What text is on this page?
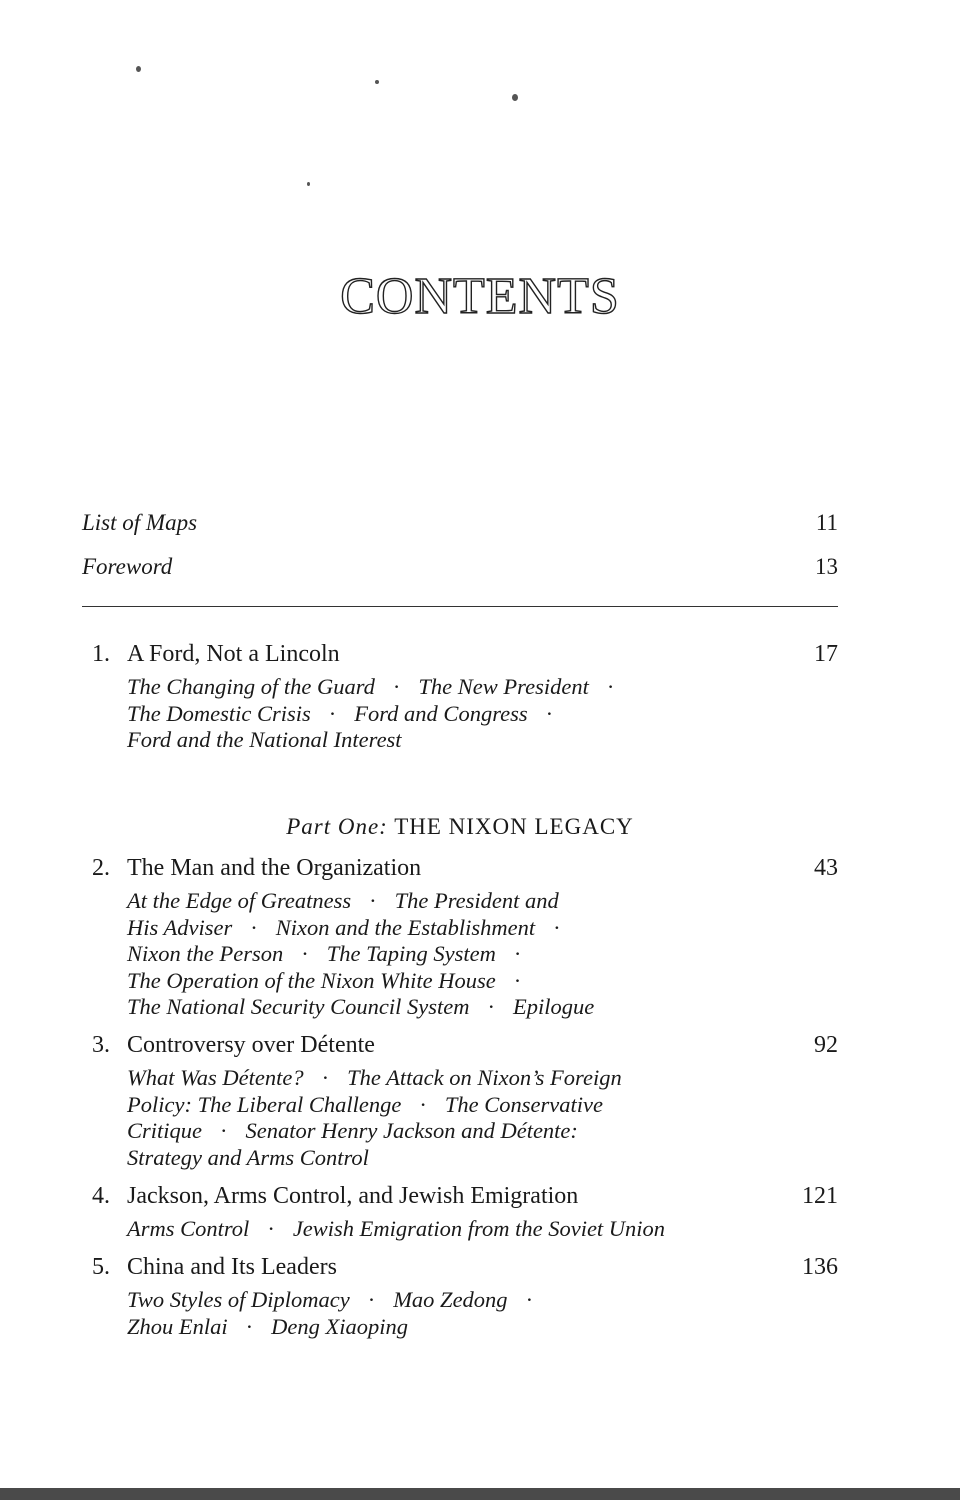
CONTENTS
List of Maps	11
Foreword	13
1. A Ford, Not a Lincoln	17
The Changing of the Guard · The New President ·
The Domestic Crisis · Ford and Congress ·
Ford and the National Interest
Part One: THE NIXON LEGACY
2. The Man and the Organization	43
At the Edge of Greatness · The President and
His Adviser · Nixon and the Establishment ·
Nixon the Person · The Taping System ·
The Operation of the Nixon White House ·
The National Security Council System · Epilogue
3. Controversy over Détente	92
What Was Détente? · The Attack on Nixon’s Foreign
Policy: The Liberal Challenge · The Conservative
Critique · Senator Henry Jackson and Détente:
Strategy and Arms Control
4. Jackson, Arms Control, and Jewish Emigration	121
Arms Control · Jewish Emigration from the Soviet Union
5. China and Its Leaders	136
Two Styles of Diplomacy · Mao Zedong ·
Zhou Enlai · Deng Xiaoping
